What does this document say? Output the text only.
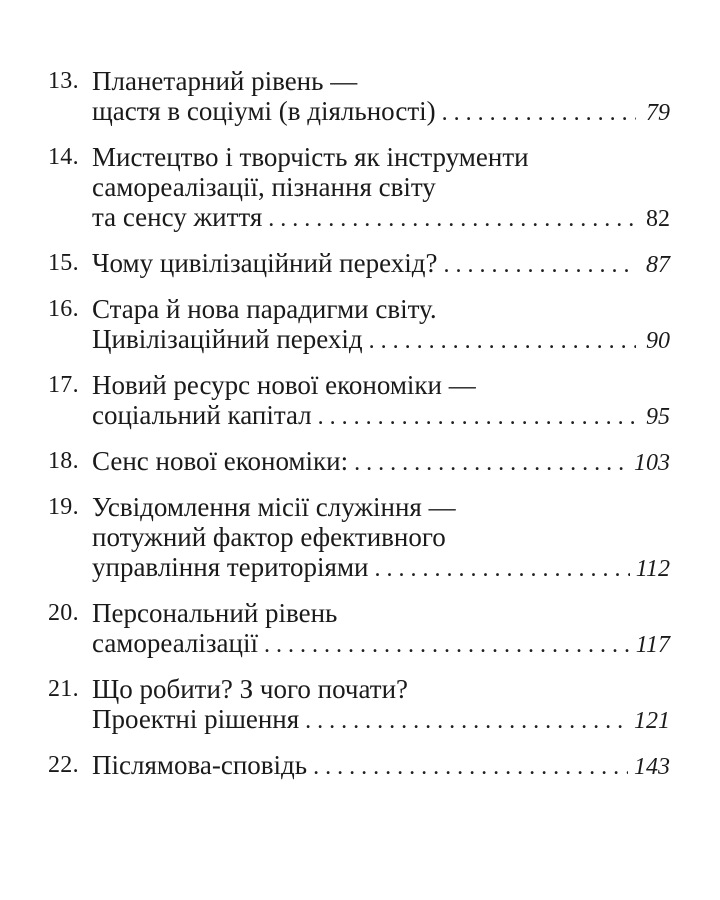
13. Планетарний рівень —
щастя в соціумі (в діяльності) . . .	79
14. Мистецтво і творчість як інструменти
самореалізації, пізнання світу
та сенсу життя . . .	82
15. Чому цивілізаційний перехід? . . .	87
16. Стара й нова парадигми світу.
Цивілізаційний перехід . . .	90
17. Новий ресурс нової економіки —
соціальний капітал . . .	95
18. Сенс нової економіки: . . .	103
19. Усвідомлення місії служіння —
потужний фактор ефективного
управління територіями . . .	112
20. Персональний рівень
самореалізації . . .	117
21. Що робити? З чого почати?
Проектні рішення . . .	121
22. Післямова-сповідь . . .	143
